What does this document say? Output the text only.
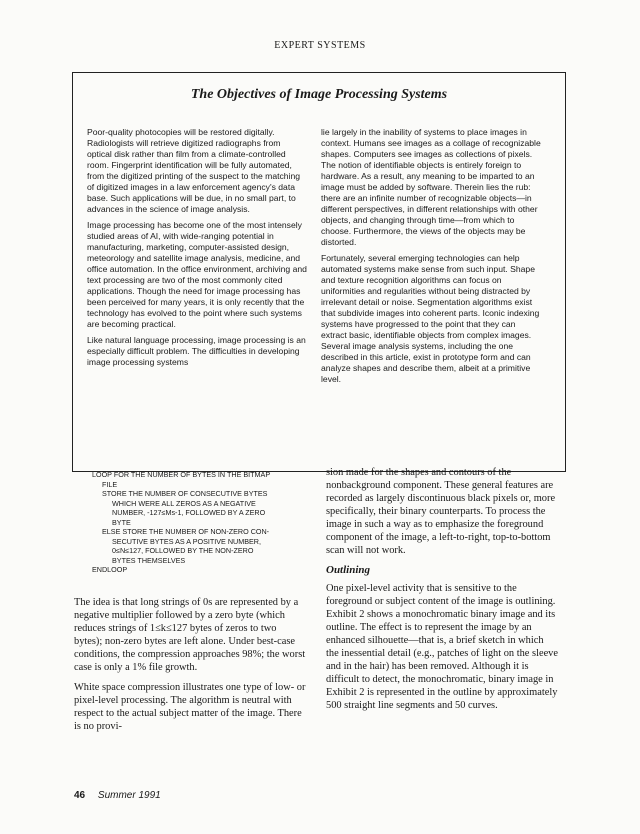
EXPERT SYSTEMS
The Objectives of Image Processing Systems

Poor-quality photocopies will be restored digitally. Radiologists will retrieve digitized radiographs from optical disk rather than film from a climate-controlled room. Fingerprint identification will be fully automated, from the digitized printing of the suspect to the matching of digitized images in a law enforcement agency's data base. Such applications will be due, in no small part, to advances in the science of image analysis.

Image processing has become one of the most intensely studied areas of AI, with wide-ranging potential in manufacturing, marketing, computer-assisted design, meteorology and satellite image analysis, medicine, and office automation. In the office environment, archiving and text processing are two of the most commonly cited applications. Though the need for image processing has been perceived for many years, it is only recently that the technology has evolved to the point where such systems are becoming practical.

Like natural language processing, image processing is an especially difficult problem. The difficulties in developing image processing systems

lie largely in the inability of systems to place images in context. Humans see images as a collage of recognizable shapes. Computers see images as collections of pixels. The notion of identifiable objects is entirely foreign to hardware. As a result, any meaning to be imparted to an image must be added by software. Therein lies the rub: there are an infinite number of recognizable objects—in different perspectives, in different relationships with other objects, and changing through time—from which to choose. Furthermore, the views of the objects may be distorted.

Fortunately, several emerging technologies can help automated systems make sense from such input. Shape and texture recognition algorithms can focus on uniformities and regularities without being distracted by irrelevant detail or noise. Segmentation algorithms exist that subdivide images into coherent parts. Iconic indexing systems have progressed to the point that they can extract basic, identifiable objects from complex images. Several image analysis systems, including the one described in this article, exist in prototype form and can analyze shapes and describe them, albeit at a primitive level.

LOOP FOR THE NUMBER OF BYTES IN THE BITMAP
FILE
STORE THE NUMBER OF CONSECUTIVE BYTES
WHICH WERE ALL ZEROS AS A NEGATIVE
NUMBER, -127≤Ms-1, FOLLOWED BY A ZERO
BYTE
ELSE STORE THE NUMBER OF NON-ZERO CON-
SECUTIVE BYTES AS A POSITIVE NUMBER,
0≤N≤127, FOLLOWED BY THE NON-ZERO
BYTES THEMSELVES
ENDLOOP

The idea is that long strings of 0s are represented by a negative multiplier followed by a zero byte (which reduces strings of 1≤k≤127 bytes of zeros to two bytes); non-zero bytes are left alone. Under best-case conditions, the compression approaches 98%; the worst case is only a 1% file growth.

White space compression illustrates one type of low- or pixel-level processing. The algorithm is neutral with respect to the actual subject matter of the image. There is no provi-

sion made for the shapes and contours of the nonbackground component. These general features are recorded as largely discontinuous black pixels or, more specifically, their binary counterparts. To process the image in such a way as to emphasize the foreground component of the image, a left-to-right, top-to-bottom scan will not work.

Outlining

One pixel-level activity that is sensitive to the foreground or subject content of the image is outlining. Exhibit 2 shows a monochromatic binary image and its outline. The effect is to represent the image by an enhanced silhouette—that is, a brief sketch in which the inessential detail (e.g., patches of light on the sleeve and in the hair) has been removed. Although it is difficult to detect, the monochromatic, binary image in Exhibit 2 is represented in the outline by approximately 500 straight line segments and 50 curves.

46 Summer 1991
